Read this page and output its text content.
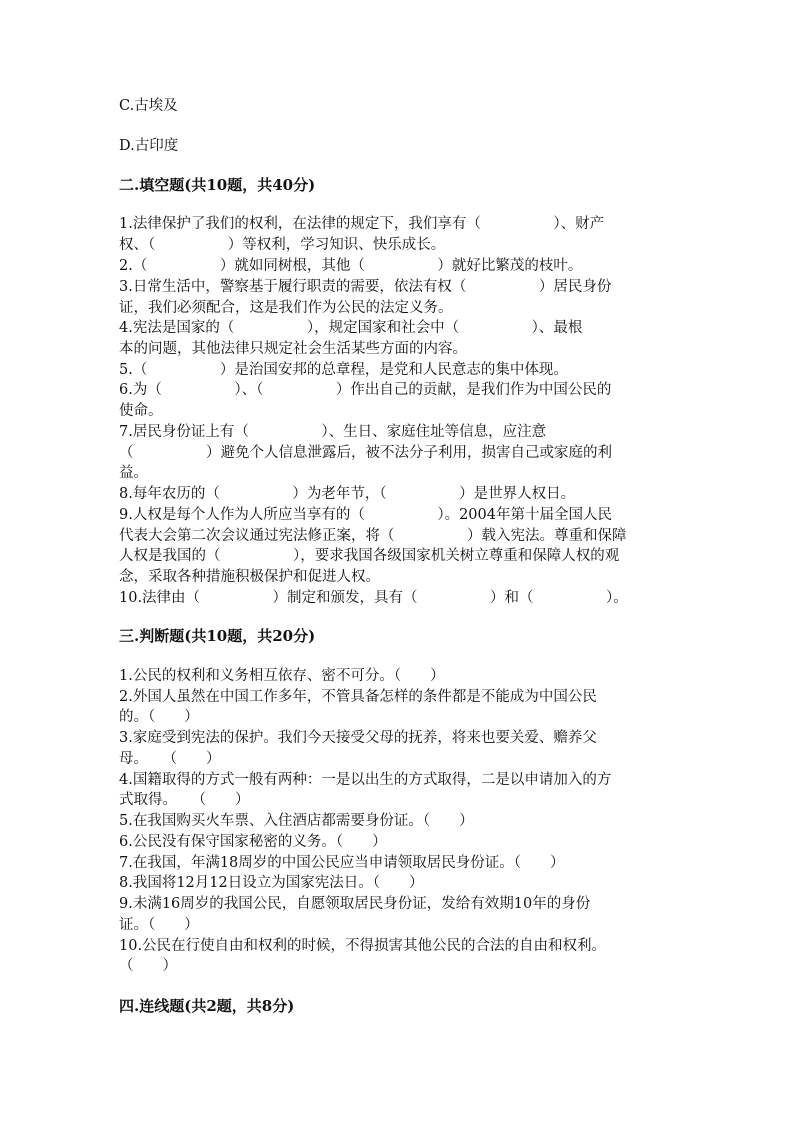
C.古埃及
D.古印度
二.填空题(共10题，共40分)
1.法律保护了我们的权利，在法律的规定下，我们享有（　　　　　）、财产
权、（　　　　　）等权利，学习知识、快乐成长。
2.（　　　　　）就如同树根，其他（　　　　　）就好比繁茂的枝叶。
3.日常生活中，警察基于履行职责的需要，依法有权（　　　　　）居民身份
证，我们必须配合，这是我们作为公民的法定义务。
4.宪法是国家的（　　　　　），规定国家和社会中（　　　　　）、最根
本的问题，其他法律只规定社会生活某些方面的内容。
5.（　　　　　）是治国安邦的总章程，是党和人民意志的集中体现。
6.为（　　　　　）、（　　　　　）作出自己的贡献，是我们作为中国公民的
使命。
7.居民身份证上有（　　　　　）、生日、家庭住址等信息，应注意
（　　　　　）避免个人信息泄露后，被不法分子利用，损害自己或家庭的利
益。
8.每年农历的（　　　　　）为老年节，（　　　　　）是世界人权日。
9.人权是每个人作为人所应当享有的（　　　　　）。2004年第十届全国人民
代表大会第二次会议通过宪法修正案，将（　　　　　）载入宪法。尊重和保障
人权是我国的（　　　　　），要求我国各级国家机关树立尊重和保障人权的观
念，采取各种措施积极保护和促进人权。
10.法律由（　　　　　）制定和颁发，具有（　　　　　）和（　　　　　）。
三.判断题(共10题，共20分)
1.公民的权利和义务相互依存、密不可分。（　　）
2.外国人虽然在中国工作多年，不管具备怎样的条件都是不能成为中国公民
的。（　　）
3.家庭受到宪法的保护。我们今天接受父母的抚养，将来也要关爱、赡养父
母。　　（　　）
4.国籍取得的方式一般有两种：一是以出生的方式取得，二是以申请加入的方
式取得。　　（　　）
5.在我国购买火车票、入住酒店都需要身份证。（　　）
6.公民没有保守国家秘密的义务。（　　）
7.在我国，年满18周岁的中国公民应当申请领取居民身份证。（　　）
8.我国将12月12日设立为国家宪法日。（　　）
9.未满16周岁的我国公民，自愿领取居民身份证，发给有效期10年的身份
证。（　　）
10.公民在行使自由和权利的时候，不得损害其他公民的合法的自由和权利。
（　　）
四.连线题(共2题，共8分)
